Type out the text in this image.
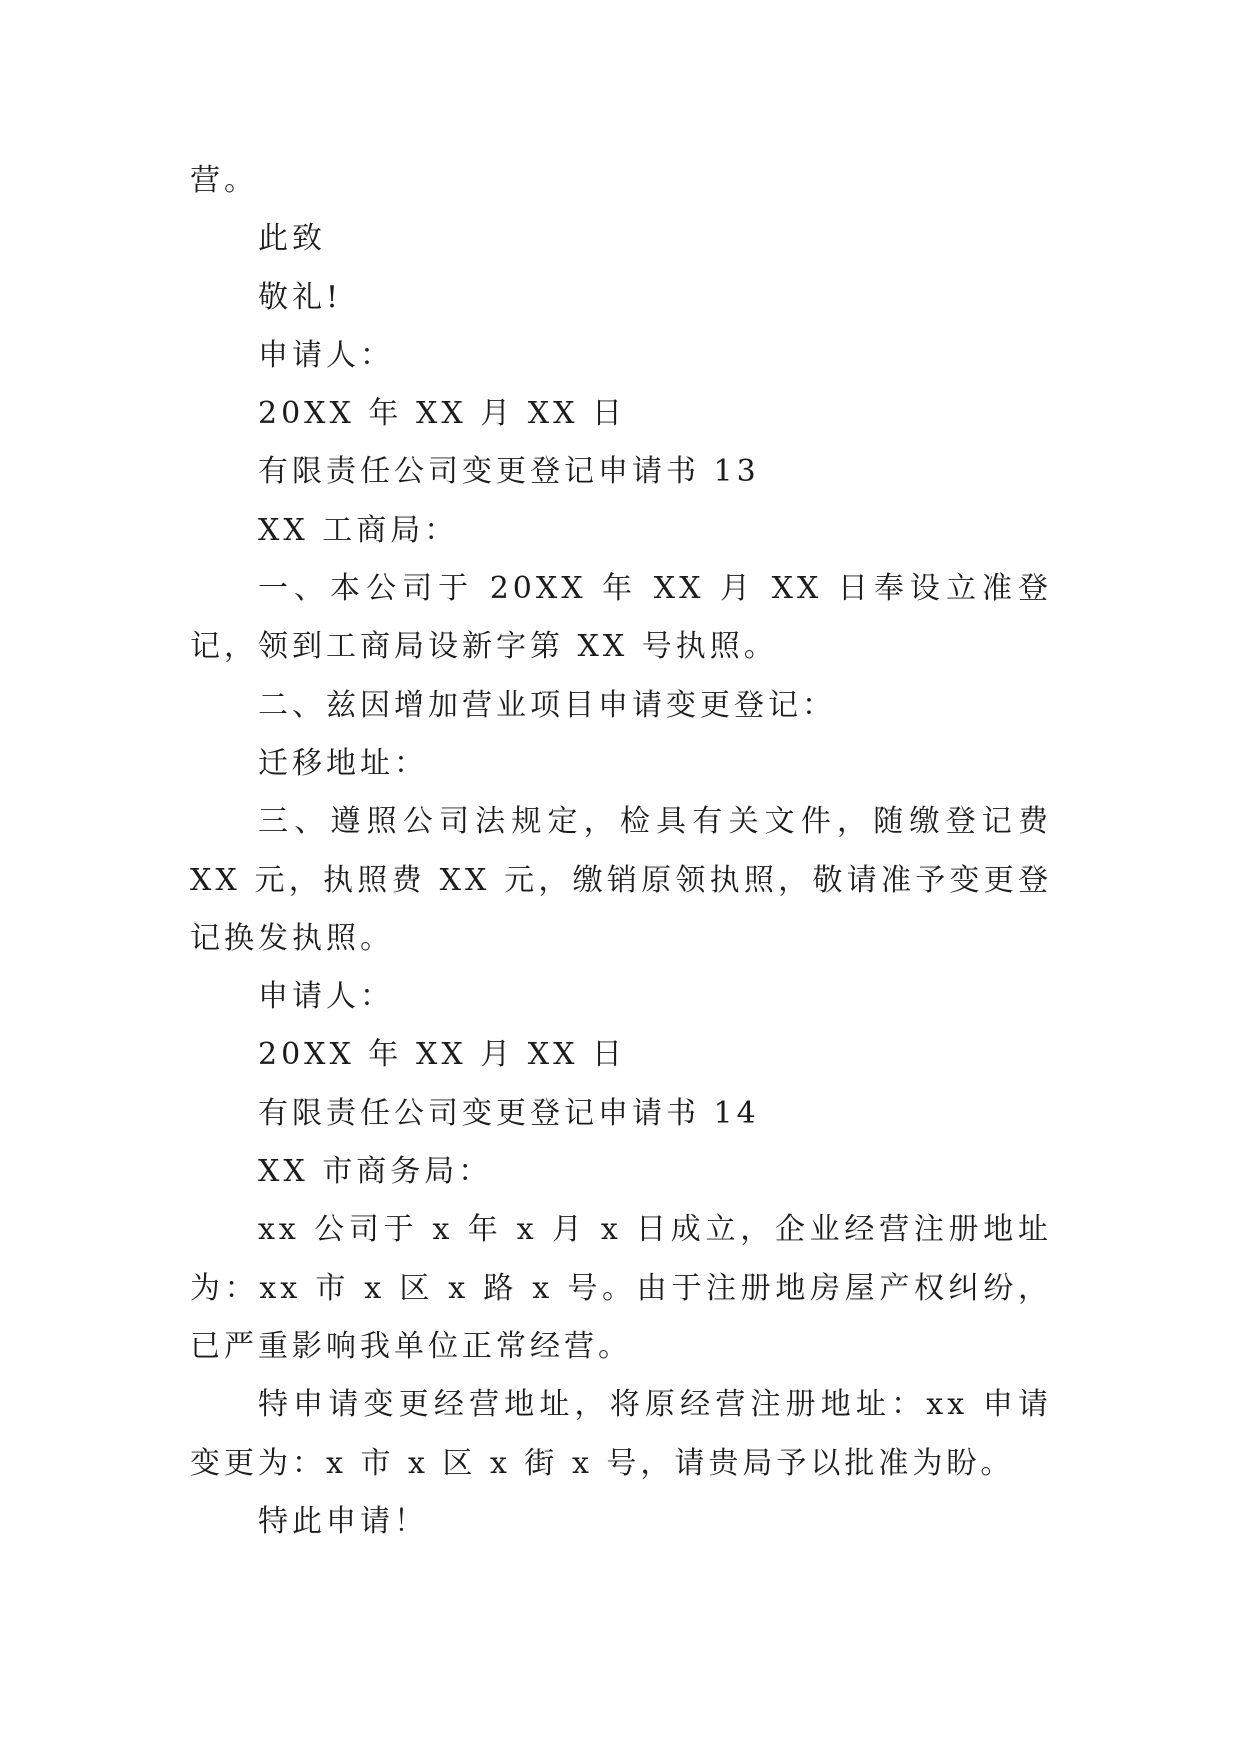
营。

此致

敬礼!

申请人：

20XX 年 XX 月 XX 日

有限责任公司变更登记申请书 13

XX 工商局：

一、本公司于 20XX 年 XX 月 XX 日奉设立准登记，领到工商局设新字第 XX 号执照。

二、兹因增加营业项目申请变更登记：

迁移地址：

三、遵照公司法规定，检具有关文件，随缴登记费 XX 元，执照费 XX 元，缴销原领执照，敬请准予变更登记换发执照。

申请人：

20XX 年 XX 月 XX 日

有限责任公司变更登记申请书 14

XX 市商务局：

xx 公司于 x 年 x 月 x 日成立，企业经营注册地址为：xx 市 x 区 x 路 x 号。由于注册地房屋产权纠纷，已严重影响我单位正常经营。

特申请变更经营地址，将原经营注册地址：xx 申请变更为：x 市 x 区 x 街 x 号，请贵局予以批准为盼。

特此申请！
